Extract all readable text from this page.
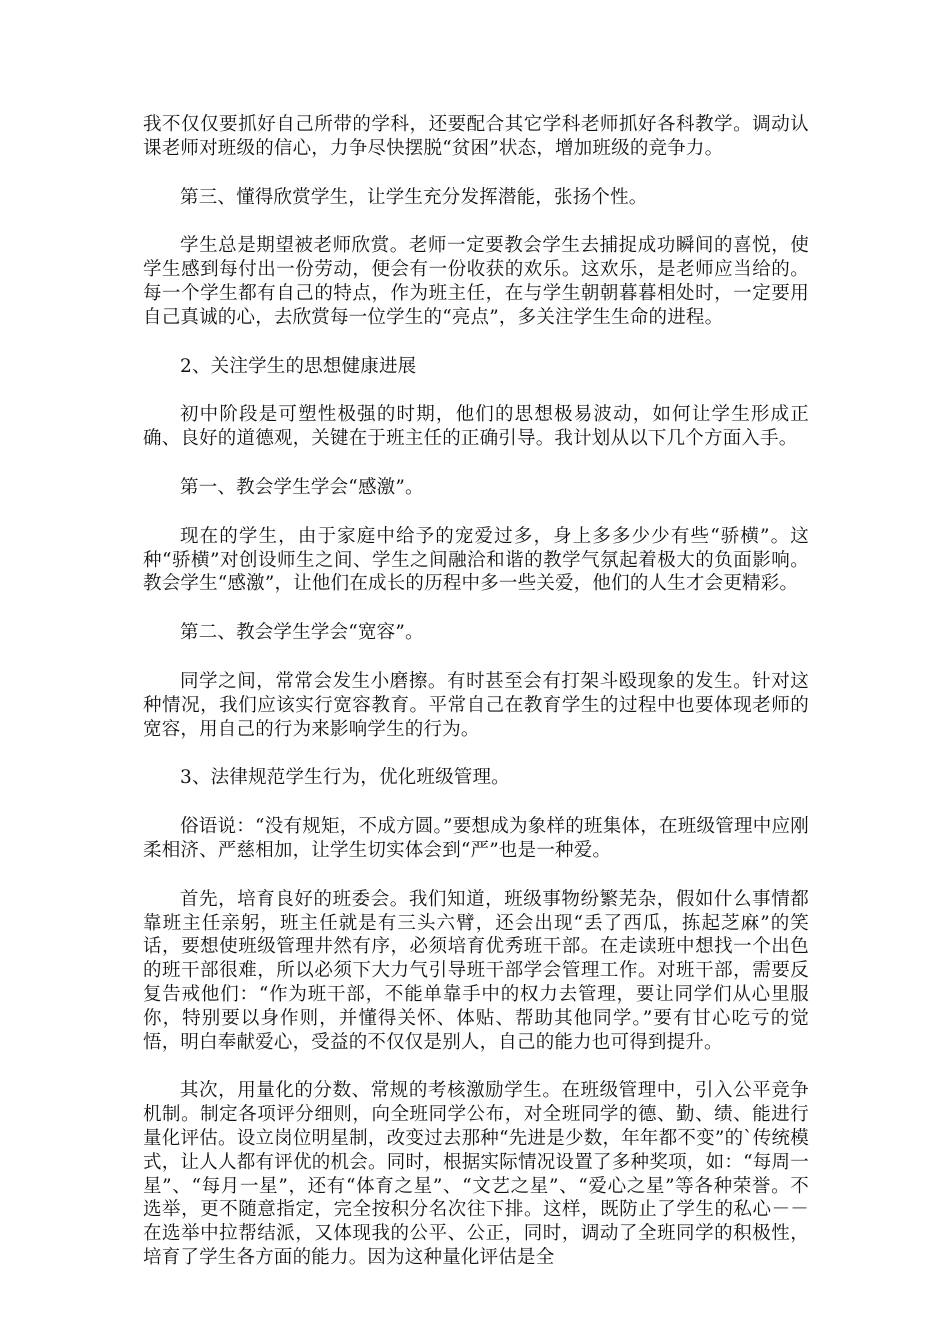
我不仅仅要抓好自己所带的学科，还要配合其它学科老师抓好各科教学。调动认课老师对班级的信心，力争尽快摆脱“贫困”状态，增加班级的竞争力。

第三、懂得欣赏学生，让学生充分发挥潜能，张扬个性。

学生总是期望被老师欣赏。老师一定要教会学生去捕捉成功瞬间的喜悦，使学生感到每付出一份劳动，便会有一份收获的欢乐。这欢乐，是老师应当给的。每一个学生都有自己的特点，作为班主任，在与学生朝朝暮暮相处时，一定要用自己真诚的心，去欣赏每一位学生的“亮点”，多关注学生生命的进程。

2、关注学生的思想健康进展

初中阶段是可塑性极强的时期，他们的思想极易波动，如何让学生形成正确、良好的道德观，关键在于班主任的正确引导。我计划从以下几个方面入手。

第一、教会学生学会“感激”。

现在的学生，由于家庭中给予的宠爱过多，身上多多少少有些“骄横”。这种“骄横”对创设师生之间、学生之间融洽和谐的教学气氛起着极大的负面影响。教会学生“感激”，让他们在成长的历程中多一些关爱，他们的人生才会更精彩。

第二、教会学生学会“宽容”。

同学之间，常常会发生小磨擦。有时甚至会有打架斗殴现象的发生。针对这种情况，我们应该实行宽容教育。平常自己在教育学生的过程中也要体现老师的宽容，用自己的行为来影响学生的行为。

3、法律规范学生行为，优化班级管理。

俗语说：“没有规矩，不成方圆。”要想成为象样的班集体，在班级管理中应刚柔相济、严慈相加，让学生切实体会到“严”也是一种爱。

首先，培育良好的班委会。我们知道，班级事物纷繁芜杂，假如什么事情都靠班主任亲躬，班主任就是有三头六臂，还会出现“丢了西瓜，拣起芝麻”的笑话，要想使班级管理井然有序，必须培育优秀班干部。在走读班中想找一个出色的班干部很难，所以必须下大力气引导班干部学会管理工作。对班干部，需要反复告戒他们：“作为班干部，不能单靠手中的权力去管理，要让同学们从心里服你，特别要以身作则，并懂得关怀、体贴、帮助其他同学。”要有甘心吃亏的觉悟，明白奉献爱心，受益的不仅仅是别人，自己的能力也可得到提升。

其次，用量化的分数、常规的考核激励学生。在班级管理中，引入公平竞争机制。制定各项评分细则，向全班同学公布，对全班同学的德、勤、绩、能进行量化评估。设立岗位明星制，改变过去那种“先进是少数，年年都不变”的`传统模式，让人人都有评优的机会。同时，根据实际情况设置了多种奖项，如：“每周一星”、“每月一星”，还有“体育之星”、“文艺之星”、“爱心之星”等各种荣誉。不选举，更不随意指定，完全按积分名次往下排。这样，既防止了学生的私心－－在选举中拉帮结派，又体现我的公平、公正，同时，调动了全班同学的积极性，培育了学生各方面的能力。因为这种量化评估是全
